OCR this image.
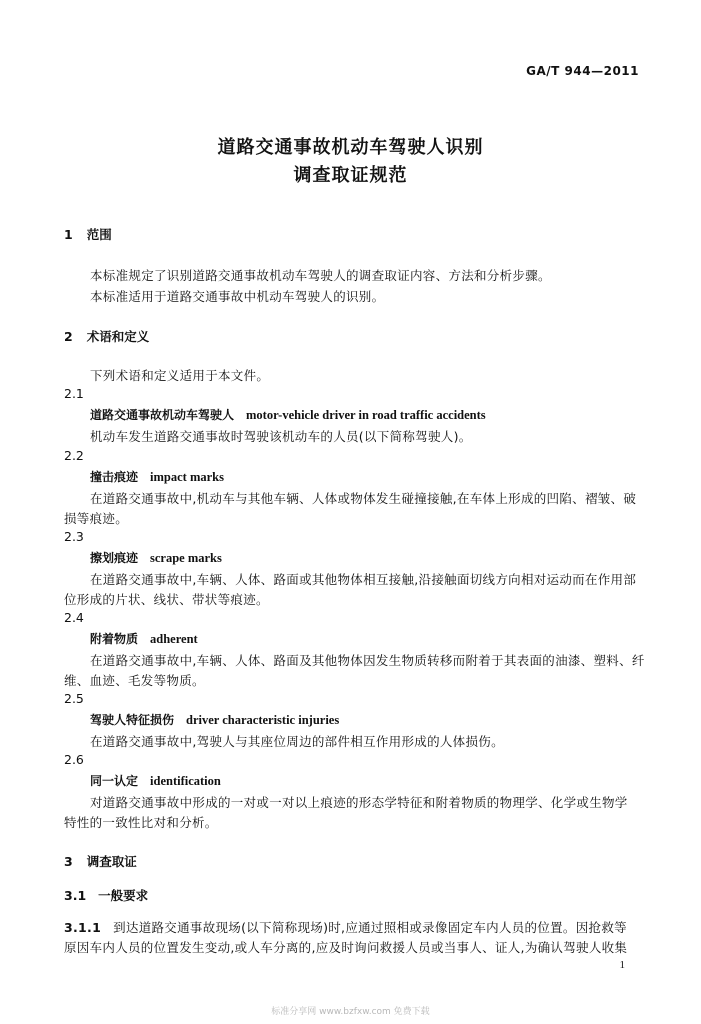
GA/T 944—2011
道路交通事故机动车驾驶人识别
调查取证规范
1 范围
本标准规定了识别道路交通事故机动车驾驶人的调查取证内容、方法和分析步骤。
本标准适用于道路交通事故中机动车驾驶人的识别。
2 术语和定义
下列术语和定义适用于本文件。
2.1
道路交通事故机动车驾驶人 motor-vehicle driver in road traffic accidents
机动车发生道路交通事故时驾驶该机动车的人员(以下简称驾驶人)。
2.2
撞击痕迹 impact marks
在道路交通事故中,机动车与其他车辆、人体或物体发生碰撞接触,在车体上形成的凹陷、褶皱、破
损等痕迹。
2.3
擦划痕迹 scrape marks
在道路交通事故中,车辆、人体、路面或其他物体相互接触,沿接触面切线方向相对运动而在作用部
位形成的片状、线状、带状等痕迹。
2.4
附着物质 adherent
在道路交通事故中,车辆、人体、路面及其他物体因发生物质转移而附着于其表面的油漆、塑料、纤
维、血迹、毛发等物质。
2.5
驾驶人特征损伤 driver characteristic injuries
在道路交通事故中,驾驶人与其座位周边的部件相互作用形成的人体损伤。
2.6
同一认定 identification
对道路交通事故中形成的一对或一对以上痕迹的形态学特征和附着物质的物理学、化学或生物学
特性的一致性比对和分析。
3 调查取证
3.1 一般要求
3.1.1 到达道路交通事故现场(以下简称现场)时,应通过照相或录像固定车内人员的位置。因抢救等
原因车内人员的位置发生变动,或人车分离的,应及时询问救援人员或当事人、证人,为确认驾驶人收集
1
标准分享网 www.bzfxw.com 免费下载
